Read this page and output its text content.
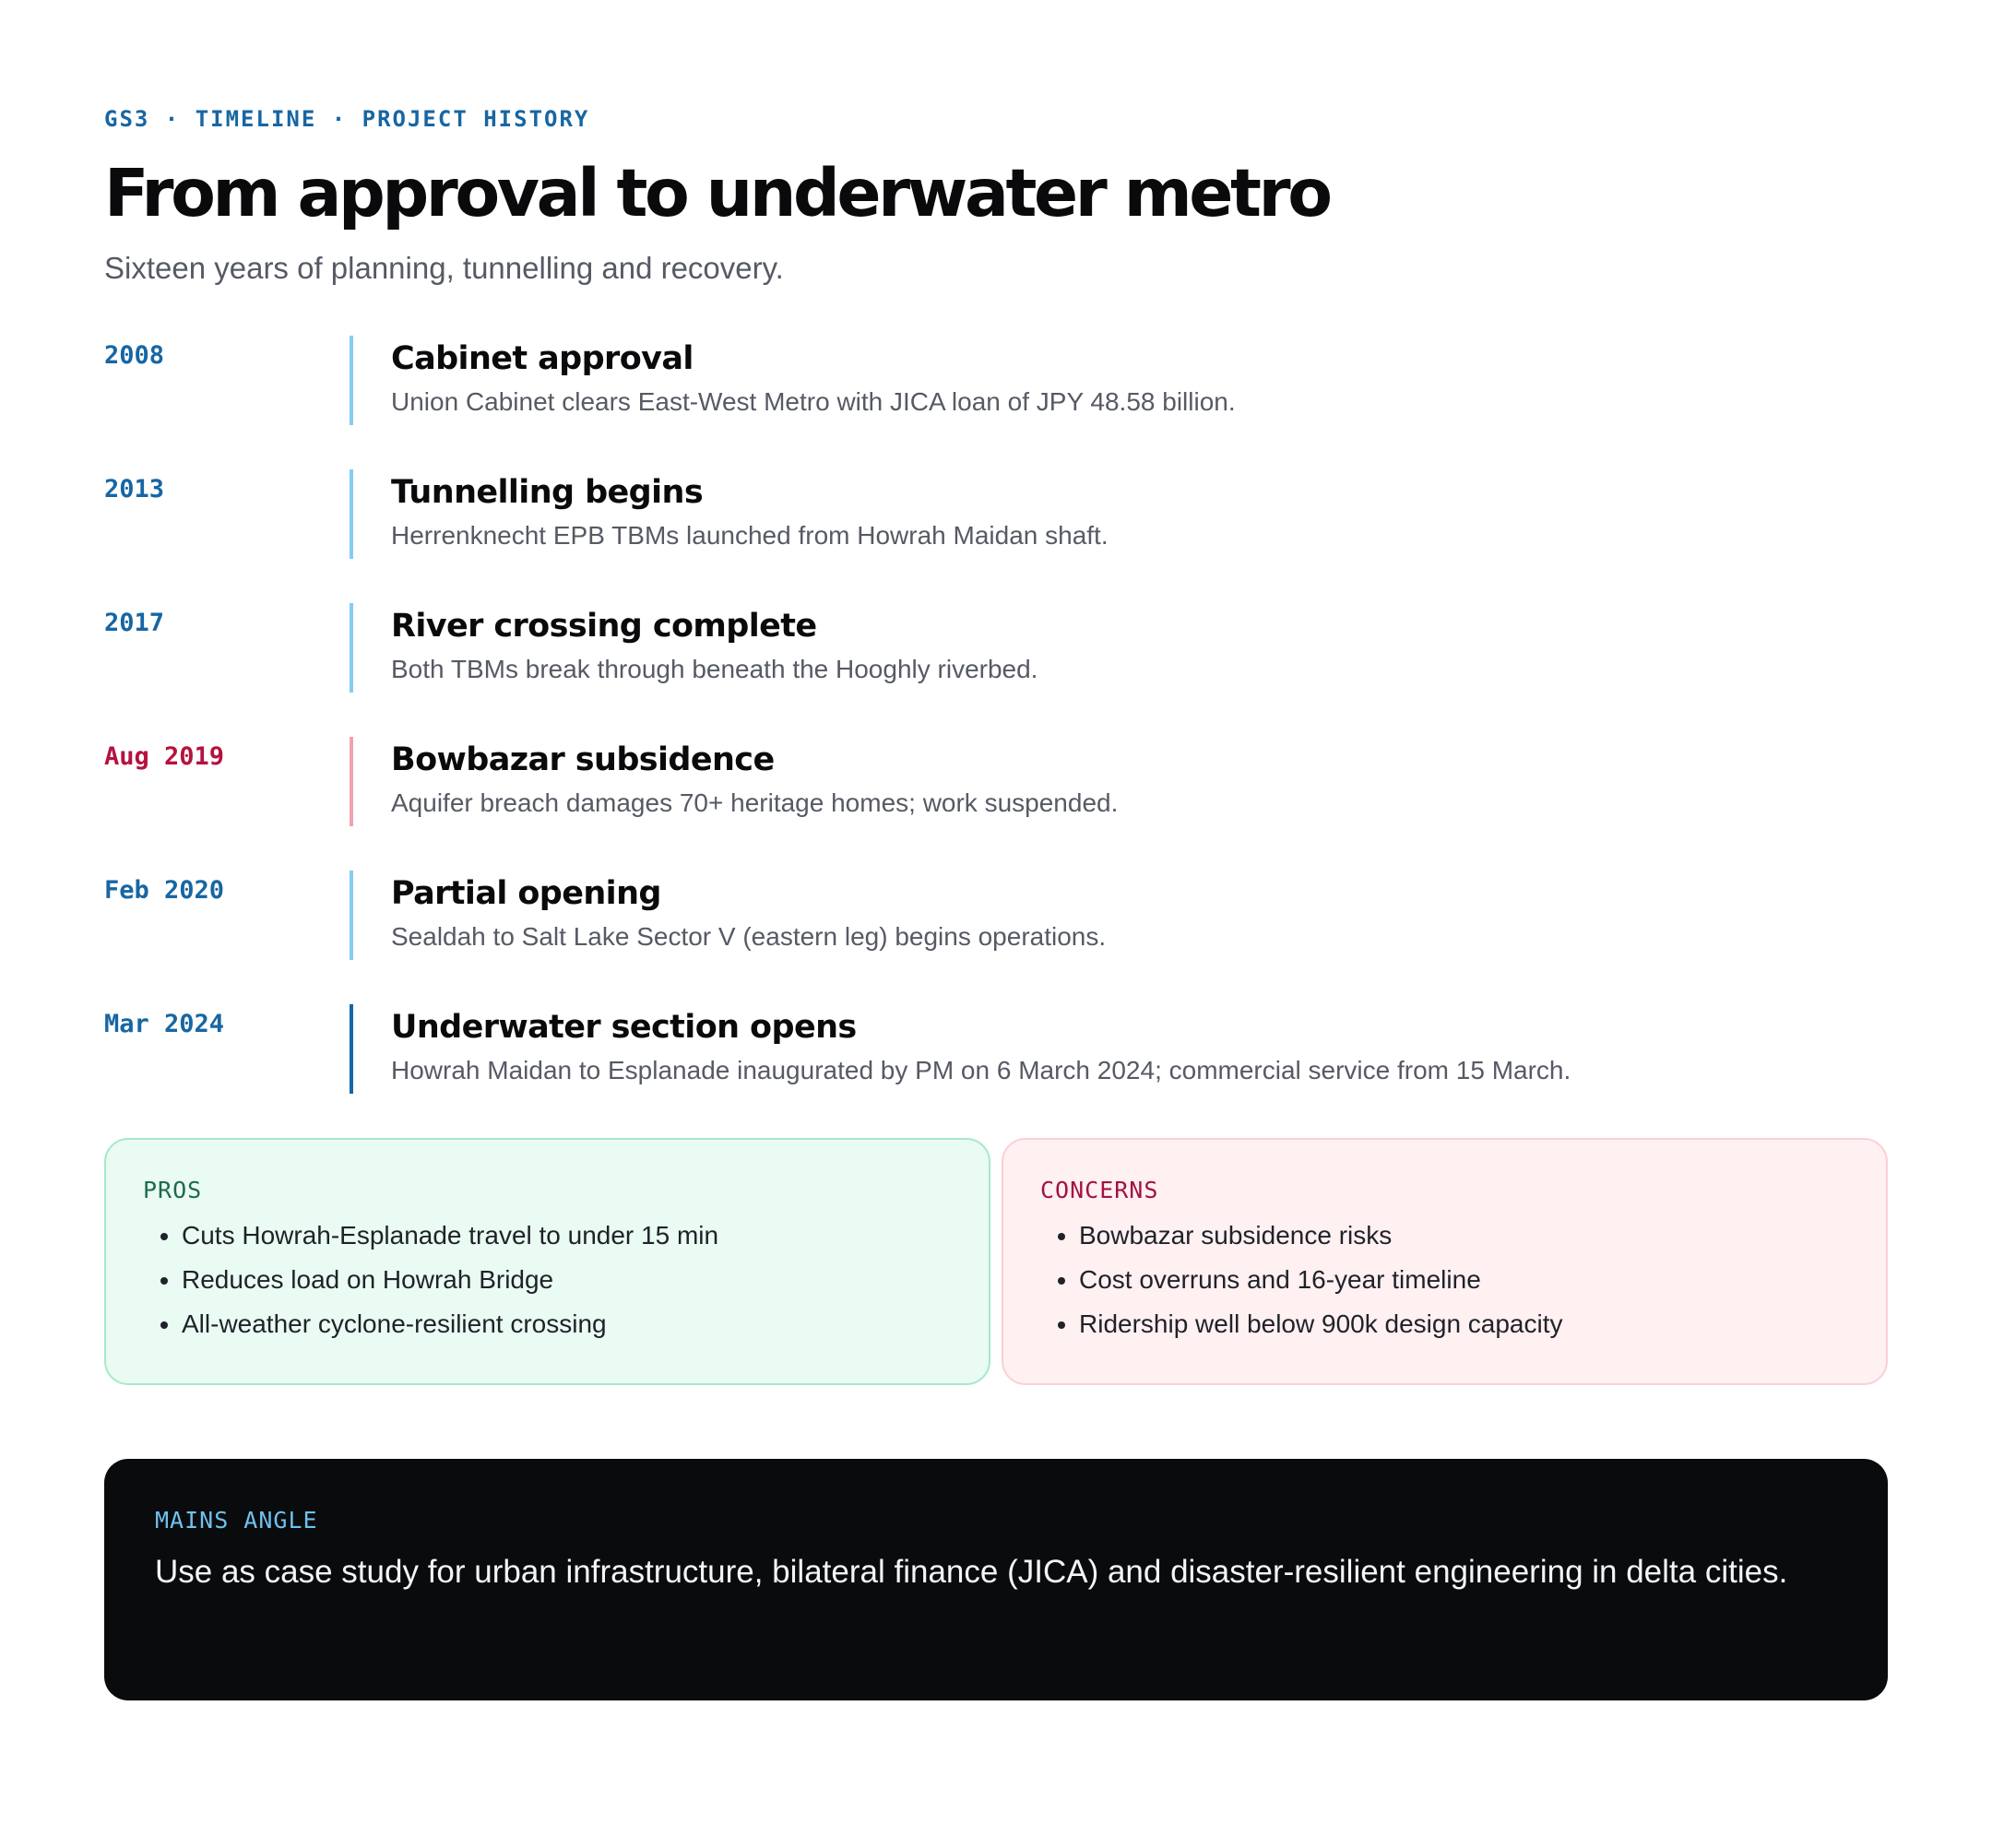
GS3 · TIMELINE · PROJECT HISTORY
From approval to underwater metro
Sixteen years of planning, tunnelling and recovery.
2008	Cabinet approval
Union Cabinet clears East-West Metro with JICA loan of JPY 48.58 billion.
2013	Tunnelling begins
Herrenknecht EPB TBMs launched from Howrah Maidan shaft.
2017	River crossing complete
Both TBMs break through beneath the Hooghly riverbed.
Aug 2019	Bowbazar subsidence
Aquifer breach damages 70+ heritage homes; work suspended.
Feb 2020	Partial opening
Sealdah to Salt Lake Sector V (eastern leg) begins operations.
Mar 2024	Underwater section opens
Howrah Maidan to Esplanade inaugurated by PM on 6 March 2024; commercial service from 15 March.
PROS
• Cuts Howrah-Esplanade travel to under 15 min
• Reduces load on Howrah Bridge
• All-weather cyclone-resilient crossing
CONCERNS
• Bowbazar subsidence risks
• Cost overruns and 16-year timeline
• Ridership well below 900k design capacity
MAINS ANGLE
Use as case study for urban infrastructure, bilateral finance (JICA) and disaster-resilient engineering in delta cities.
